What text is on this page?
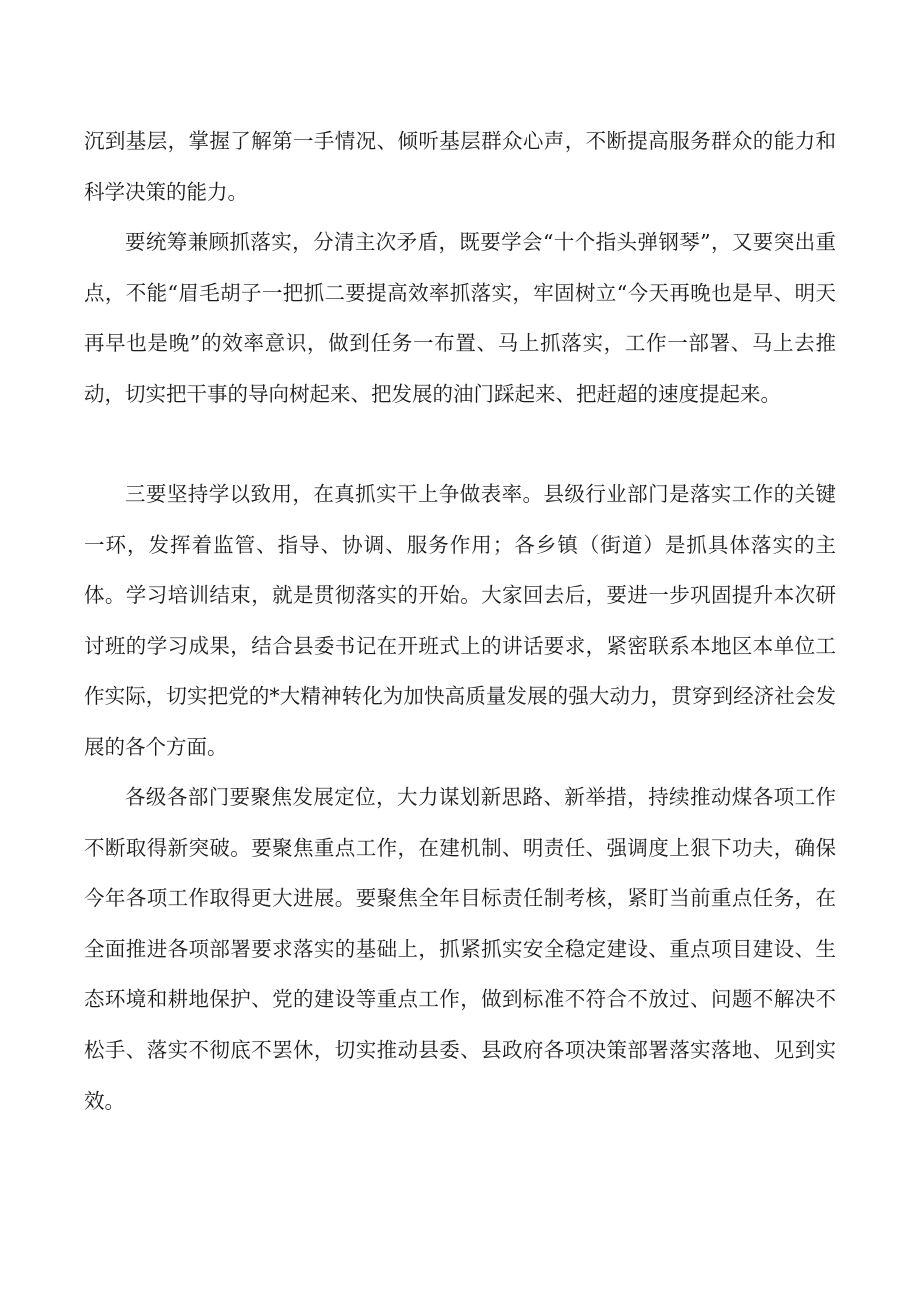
沉到基层，掌握了解第一手情况、倾听基层群众心声，不断提高服务群众的能力和科学决策的能力。

要统筹兼顾抓落实，分清主次矛盾，既要学会“十个指头弹钢琴”，又要突出重点，不能“眉毛胡子一把抓二要提高效率抓落实，牢固树立“今天再晚也是早、明天再早也是晚”的效率意识，做到任务一布置、马上抓落实，工作一部署、马上去推动，切实把干事的导向树起来、把发展的油门踩起来、把赶超的速度提起来。

三要坚持学以致用，在真抓实干上争做表率。县级行业部门是落实工作的关键一环，发挥着监管、指导、协调、服务作用；各乡镇（街道）是抓具体落实的主体。学习培训结束，就是贯彻落实的开始。大家回去后，要进一步巩固提升本次研讨班的学习成果，结合县委书记在开班式上的讲话要求，紧密联系本地区本单位工作实际，切实把党的*大精神转化为加快高质量发展的强大动力，贯穿到经济社会发展的各个方面。

各级各部门要聚焦发展定位，大力谋划新思路、新举措，持续推动煤各项工作不断取得新突破。要聚焦重点工作，在建机制、明责任、强调度上狠下功夫，确保今年各项工作取得更大进展。要聚焦全年目标责任制考核，紧盯当前重点任务，在全面推进各项部署要求落实的基础上，抓紧抓实安全稳定建设、重点项目建设、生态环境和耕地保护、党的建设等重点工作，做到标准不符合不放过、问题不解决不松手、落实不彻底不罢休，切实推动县委、县政府各项决策部署落实落地、见到实效。
